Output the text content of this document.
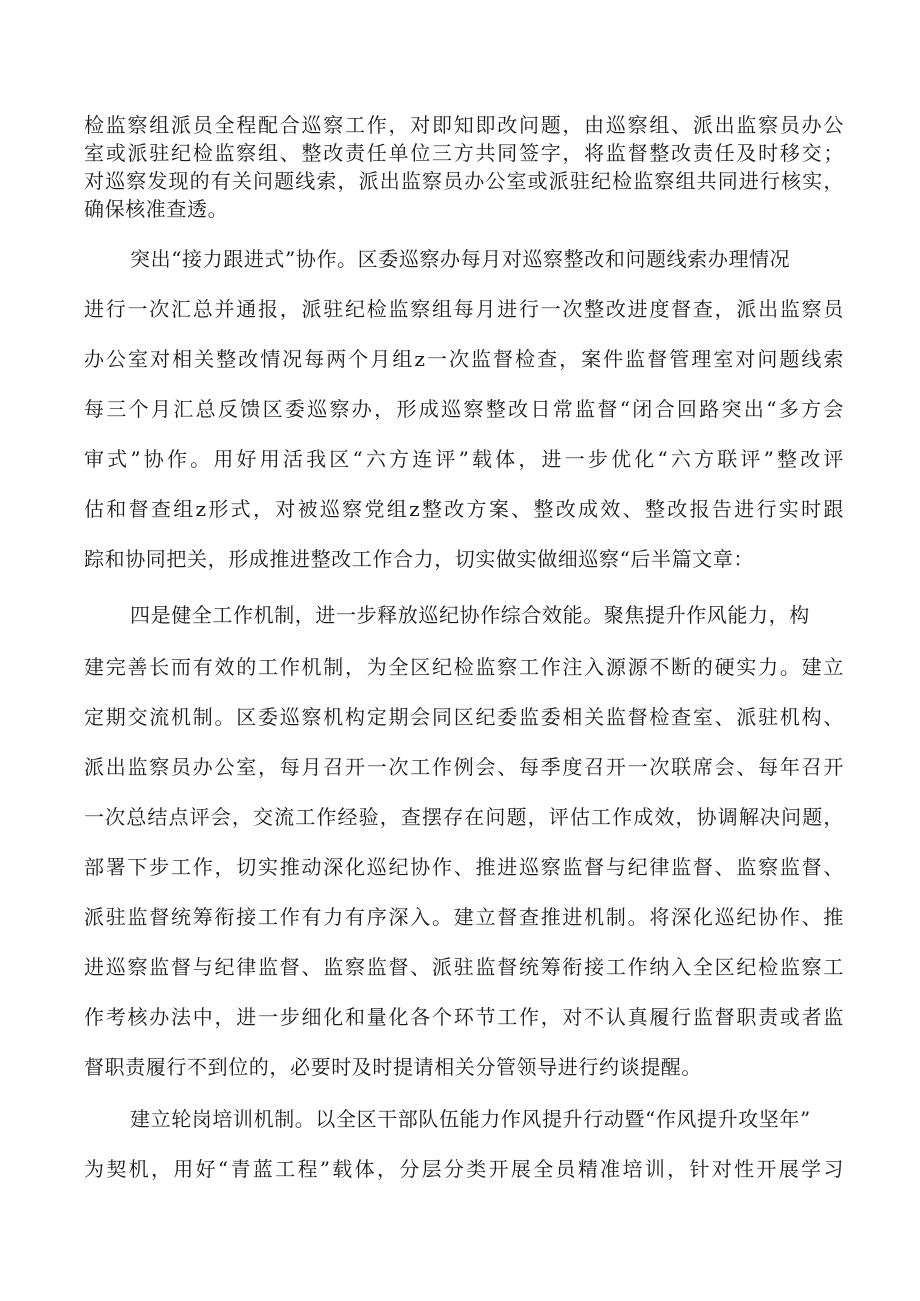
检监察组派员全程配合巡察工作，对即知即改问题，由巡察组、派出监察员办公
室或派驻纪检监察组、整改责任单位三方共同签字，将监督整改责任及时移交；
对巡察发现的有关问题线索，派出监察员办公室或派驻纪检监察组共同进行核实，
确保核准查透。
突出“接力跟进式”协作。区委巡察办每月对巡察整改和问题线索办理情况
进行一次汇总并通报，派驻纪检监察组每月进行一次整改进度督查，派出监察员
办公室对相关整改情况每两个月组z一次监督检查，案件监督管理室对问题线索
每三个月汇总反馈区委巡察办，形成巡察整改日常监督“闭合回路突出“多方会
审式”协作。用好用活我区“六方连评”载体，进一步优化“六方联评”整改评
估和督查组z形式，对被巡察党组z整改方案、整改成效、整改报告进行实时跟
踪和协同把关，形成推进整改工作合力，切实做实做细巡察“后半篇文章：
四是健全工作机制，进一步释放巡纪协作综合效能。聚焦提升作风能力，构
建完善长而有效的工作机制，为全区纪检监察工作注入源源不断的硬实力。建立
定期交流机制。区委巡察机构定期会同区纪委监委相关监督检查室、派驻机构、
派出监察员办公室，每月召开一次工作例会、每季度召开一次联席会、每年召开
一次总结点评会，交流工作经验，查摆存在问题，评估工作成效，协调解决问题，
部署下步工作，切实推动深化巡纪协作、推进巡察监督与纪律监督、监察监督、
派驻监督统筹衔接工作有力有序深入。建立督查推进机制。将深化巡纪协作、推
进巡察监督与纪律监督、监察监督、派驻监督统筹衔接工作纳入全区纪检监察工
作考核办法中，进一步细化和量化各个环节工作，对不认真履行监督职责或者监
督职责履行不到位的，必要时及时提请相关分管领导进行约谈提醒。
建立轮岗培训机制。以全区干部队伍能力作风提升行动暨“作风提升攻坚年”
为契机，用好“青蓝工程”载体，分层分类开展全员精准培训，针对性开展学习
